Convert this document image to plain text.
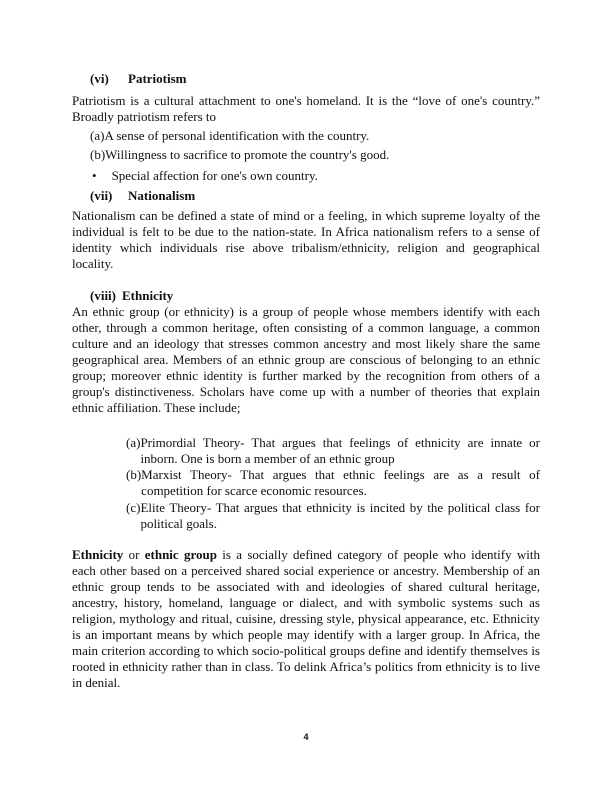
(vi) Patriotism
Patriotism is a cultural attachment to one's homeland. It is the “love of one's country.” Broadly patriotism refers to
(a) A sense of personal identification with the country.
(b) Willingness to sacrifice to promote the country's good.
• Special affection for one's own country.
(vii) Nationalism
Nationalism can be defined a state of mind or a feeling, in which supreme loyalty of the individual is felt to be due to the nation-state. In Africa nationalism refers to a sense of identity which individuals rise above tribalism/ethnicity, religion and geographical locality.
(viii) Ethnicity
An ethnic group (or ethnicity) is a group of people whose members identify with each other, through a common heritage, often consisting of a common language, a common culture and an ideology that stresses common ancestry and most likely share the same geographical area. Members of an ethnic group are conscious of belonging to an ethnic group; moreover ethnic identity is further marked by the recognition from others of a group's distinctiveness. Scholars have come up with a number of theories that explain ethnic affiliation. These include;
(a) Primordial Theory- That argues that feelings of ethnicity are innate or inborn. One is born a member of an ethnic group
(b) Marxist Theory- That argues that ethnic feelings are as a result of competition for scarce economic resources.
(c) Elite Theory- That argues that ethnicity is incited by the political class for political goals.
Ethnicity or ethnic group is a socially defined category of people who identify with each other based on a perceived shared social experience or ancestry. Membership of an ethnic group tends to be associated with and ideologies of shared cultural heritage, ancestry, history, homeland, language or dialect, and with symbolic systems such as religion, mythology and ritual, cuisine, dressing style, physical appearance, etc. Ethnicity is an important means by which people may identify with a larger group. In Africa, the main criterion according to which socio-political groups define and identify themselves is rooted in ethnicity rather than in class. To delink Africa’s politics from ethnicity is to live in denial.
4
